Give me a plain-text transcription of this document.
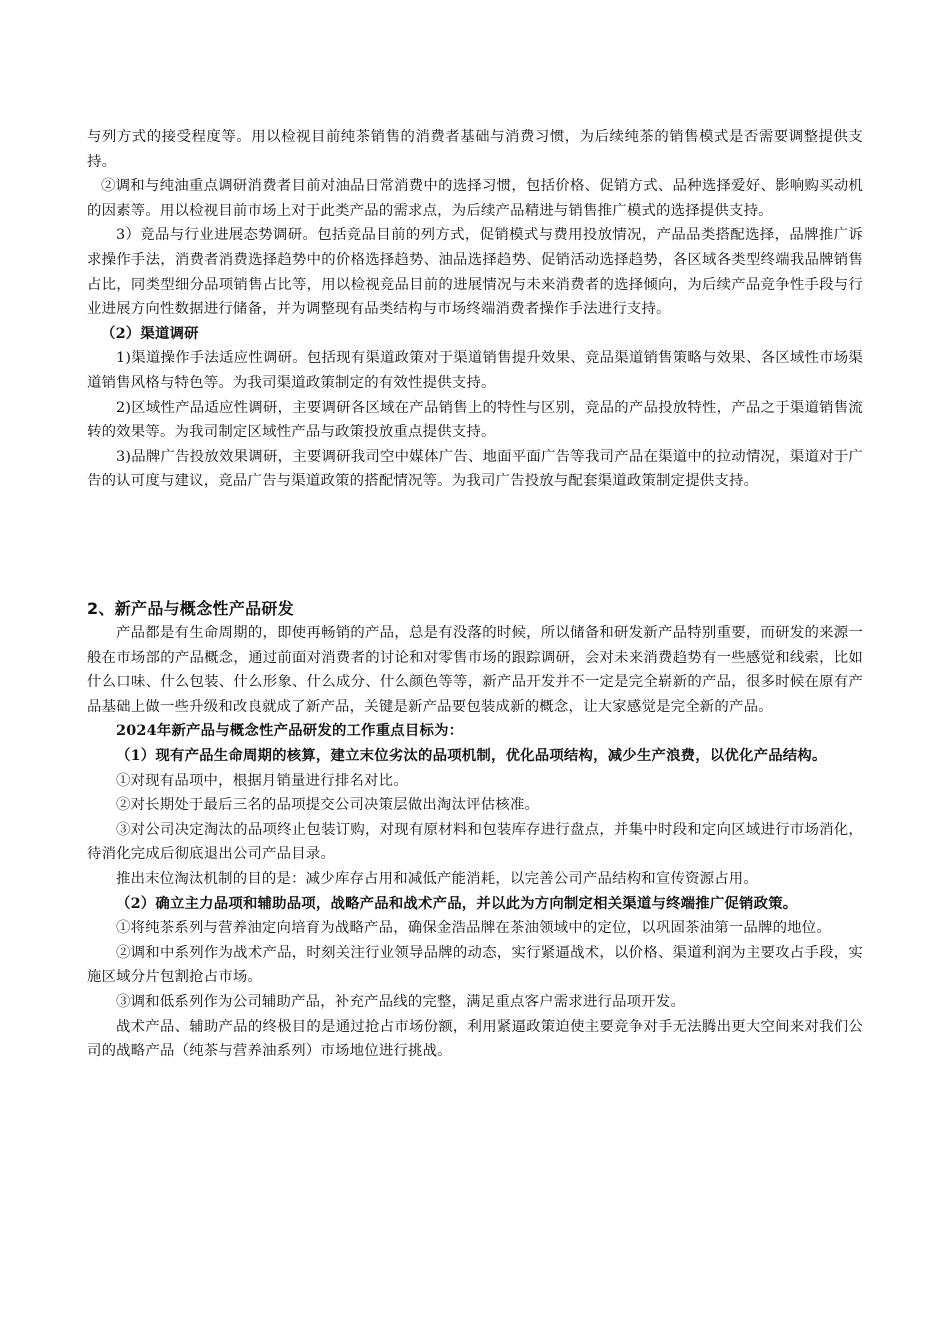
与列方式的接受程度等。用以检视目前纯茶销售的消费者基础与消费习惯，为后续纯茶的销售模式是否需要调整提供支持。

②调和与纯油重点调研消费者目前对油品日常消费中的选择习惯，包括价格、促销方式、品种选择爱好、影响购买动机的因素等。用以检视目前市场上对于此类产品的需求点，为后续产品精进与销售推广模式的选择提供支持。

3）竞品与行业进展态势调研。包括竞品目前的列方式，促销模式与费用投放情况，产品品类搭配选择，品牌推广诉求操作手法，消费者消费选择趋势中的价格选择趋势、油品选择趋势、促销活动选择趋势，各区域各类型终端我品牌销售占比，同类型细分品项销售占比等，用以检视竞品目前的进展情况与未来消费者的选择倾向，为后续产品竞争性手段与行业进展方向性数据进行储备，并为调整现有品类结构与市场终端消费者操作手法进行支持。

（2）渠道调研

1)渠道操作手法适应性调研。包括现有渠道政策对于渠道销售提升效果、竞品渠道销售策略与效果、各区域性市场渠道销售风格与特色等。为我司渠道政策制定的有效性提供支持。

2)区域性产品适应性调研，主要调研各区域在产品销售上的特性与区别，竞品的产品投放特性，产品之于渠道销售流转的效果等。为我司制定区域性产品与政策投放重点提供支持。

3)品牌广告投放效果调研，主要调研我司空中媒体广告、地面平面广告等我司产品在渠道中的拉动情况，渠道对于广告的认可度与建议，竞品广告与渠道政策的搭配情况等。为我司广告投放与配套渠道政策制定提供支持。

2、新产品与概念性产品研发

产品都是有生命周期的，即使再畅销的产品，总是有没落的时候，所以储备和研发新产品特别重要，而研发的来源一般在市场部的产品概念，通过前面对消费者的讨论和对零售市场的跟踪调研，会对未来消费趋势有一些感觉和线索，比如什么口味、什么包装、什么形象、什么成分、什么颜色等等，新产品开发并不一定是完全崭新的产品，很多时候在原有产品基础上做一些升级和改良就成了新产品，关键是新产品要包装成新的概念，让大家感觉是完全新的产品。

2024年新产品与概念性产品研发的工作重点目标为：

（1）现有产品生命周期的核算，建立末位劣汰的品项机制，优化品项结构，减少生产浪费，以优化产品结构。

①对现有品项中，根据月销量进行排名对比。

②对长期处于最后三名的品项提交公司决策层做出淘汰评估核准。

③对公司决定淘汰的品项终止包装订购，对现有原材料和包装库存进行盘点，并集中时段和定向区域进行市场消化，待消化完成后彻底退出公司产品目录。

推出末位淘汰机制的目的是：减少库存占用和减低产能消耗，以完善公司产品结构和宣传资源占用。

（2）确立主力品项和辅助品项，战略产品和战术产品，并以此为方向制定相关渠道与终端推广促销政策。

①将纯茶系列与营养油定向培育为战略产品，确保金浩品牌在茶油领域中的定位，以巩固茶油第一品牌的地位。

②调和中系列作为战术产品，时刻关注行业领导品牌的动态，实行紧逼战术，以价格、渠道利润为主要攻占手段，实施区域分片包割抢占市场。

③调和低系列作为公司辅助产品，补充产品线的完整，满足重点客户需求进行品项开发。

战术产品、辅助产品的终极目的是通过抢占市场份额，利用紧逼政策迫使主要竞争对手无法腾出更大空间来对我们公司的战略产品（纯茶与营养油系列）市场地位进行挑战。
